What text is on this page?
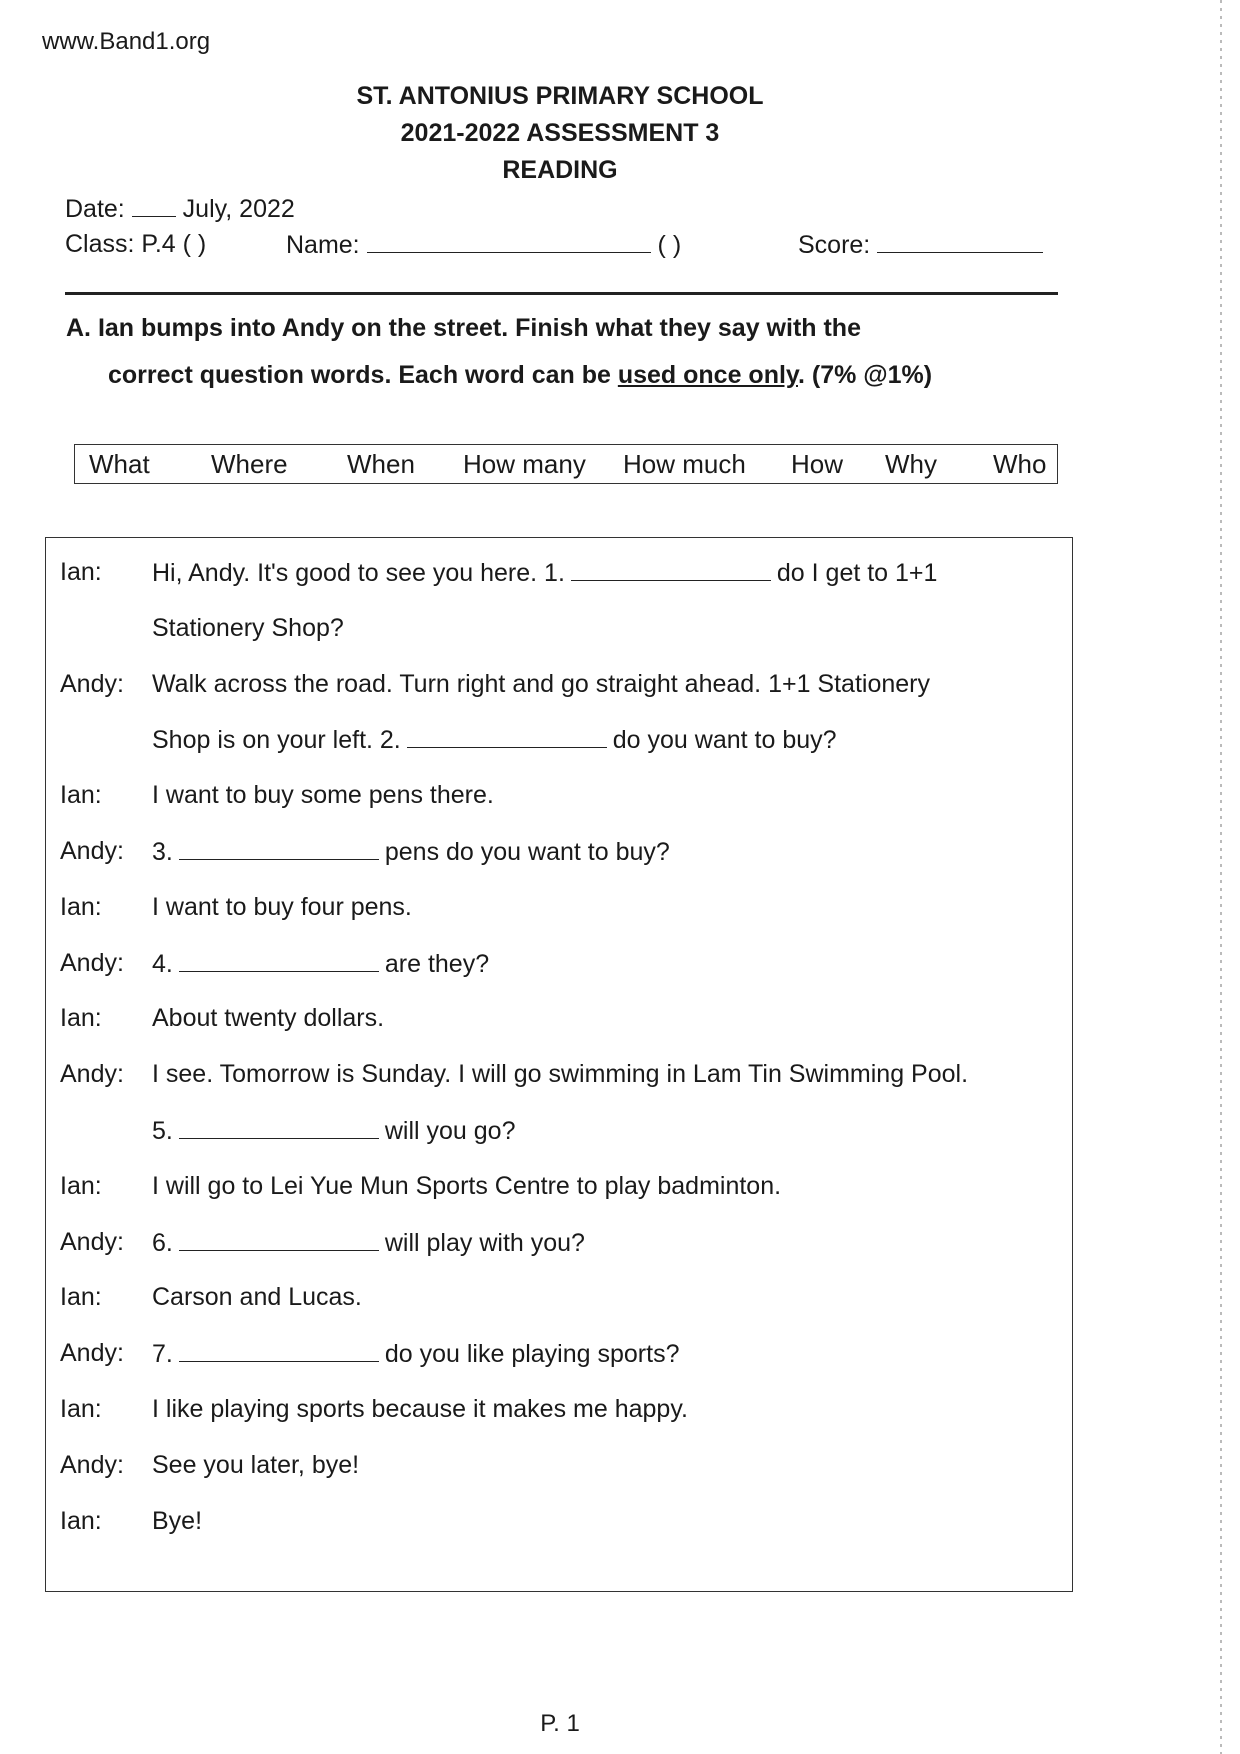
www.Band1.org
ST. ANTONIUS PRIMARY SCHOOL
2021-2022 ASSESSMENT 3
READING
Date: July, 2022
Class: P.4 ( )	Name:	( )	Score:
A. Ian bumps into Andy on the street. Finish what they say with the
correct question words. Each word can be used once only. (7% @1%)
What Where When How many How much How Why Who
Ian: Hi, Andy. It's good to see you here. 1.	do I get to 1+1
Stationery Shop?
Andy: Walk across the road. Turn right and go straight ahead. 1+1 Stationery
Shop is on your left. 2.	do you want to buy?
Ian: I want to buy some pens there.
Andy: 3.	pens do you want to buy?
Ian: I want to buy four pens.
Andy: 4.	are they?
Ian: About twenty dollars.
Andy: I see. Tomorrow is Sunday. I will go swimming in Lam Tin Swimming Pool.
5.	will you go?
Ian: I will go to Lei Yue Mun Sports Centre to play badminton.
Andy: 6.	will play with you?
Ian: Carson and Lucas.
Andy: 7.	do you like playing sports?
Ian: I like playing sports because it makes me happy.
Andy: See you later, bye!
Ian: Bye!
P. 1
